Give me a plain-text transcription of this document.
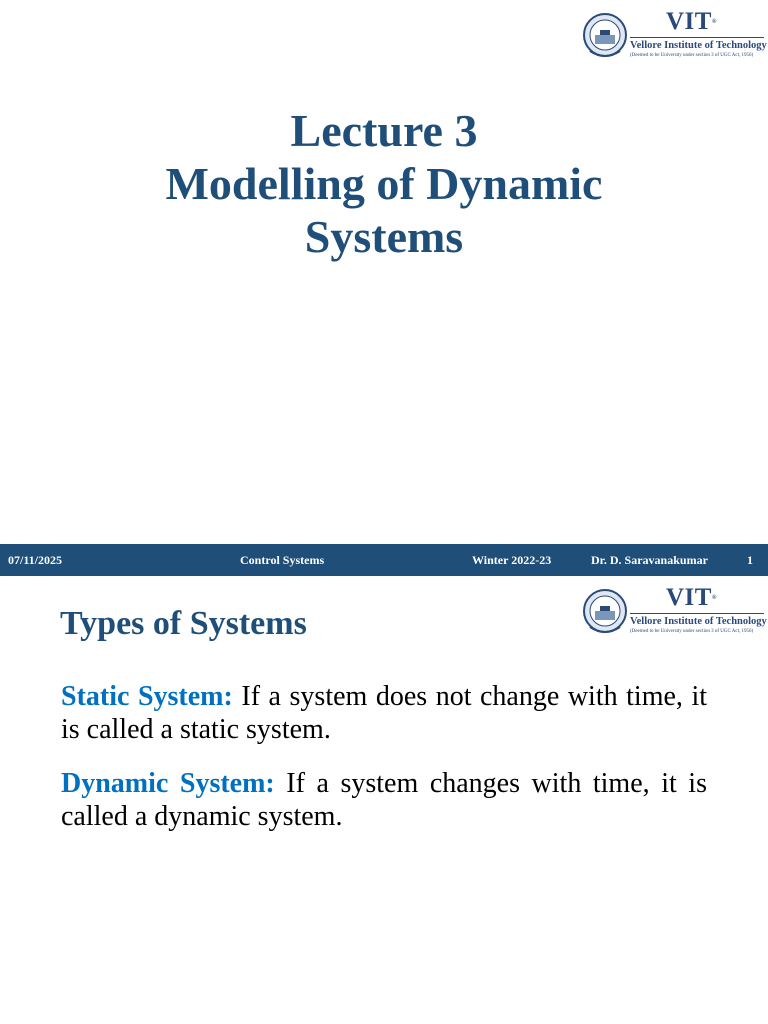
VIT®
Vellore Institute of Technology
(Deemed to be University under section 3 of UGC Act, 1956)
Lecture 3
Modelling of Dynamic
Systems
07/11/2025	Control Systems	Winter 2022-23	Dr. D. Saravanakumar	1
VIT®
Vellore Institute of Technology
(Deemed to be University under section 3 of UGC Act, 1956)
Types of Systems

Static System: If a system does not change with time, it is called a static system.

Dynamic System: If a system changes with time, it is called a dynamic system.
